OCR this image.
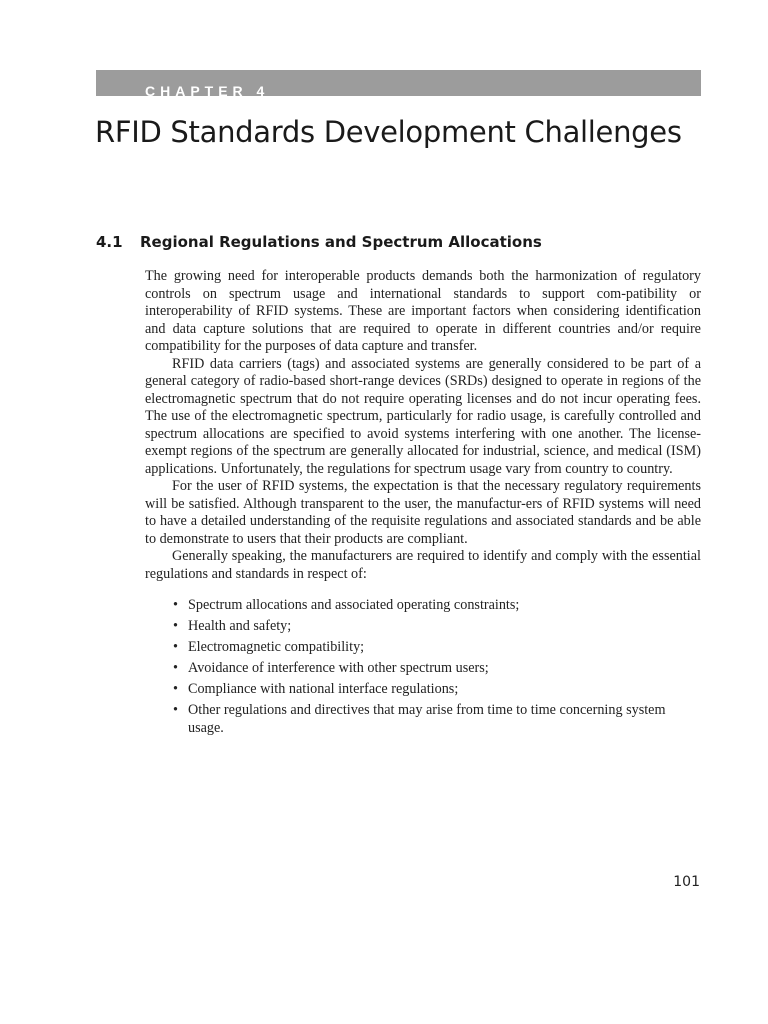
CHAPTER 4
RFID Standards Development Challenges
4.1 Regional Regulations and Spectrum Allocations

The growing need for interoperable products demands both the harmonization of regulatory controls on spectrum usage and international standards to support com-patibility or interoperability of RFID systems. These are important factors when considering identification and data capture solutions that are required to operate in different countries and/or require compatibility for the purposes of data capture and transfer.

RFID data carriers (tags) and associated systems are generally considered to be part of a general category of radio-based short-range devices (SRDs) designed to operate in regions of the electromagnetic spectrum that do not require operating licenses and do not incur operating fees. The use of the electromagnetic spectrum, particularly for radio usage, is carefully controlled and spectrum allocations are specified to avoid systems interfering with one another. The license-exempt regions of the spectrum are generally allocated for industrial, science, and medical (ISM) applications. Unfortunately, the regulations for spectrum usage vary from country to country.

For the user of RFID systems, the expectation is that the necessary regulatory requirements will be satisfied. Although transparent to the user, the manufactur-ers of RFID systems will need to have a detailed understanding of the requisite regulations and associated standards and be able to demonstrate to users that their products are compliant.

Generally speaking, the manufacturers are required to identify and comply with the essential regulations and standards in respect of:

• Spectrum allocations and associated operating constraints;
• Health and safety;
• Electromagnetic compatibility;
• Avoidance of interference with other spectrum users;
• Compliance with national interface regulations;
• Other regulations and directives that may arise from time to time concerning system usage.
101
